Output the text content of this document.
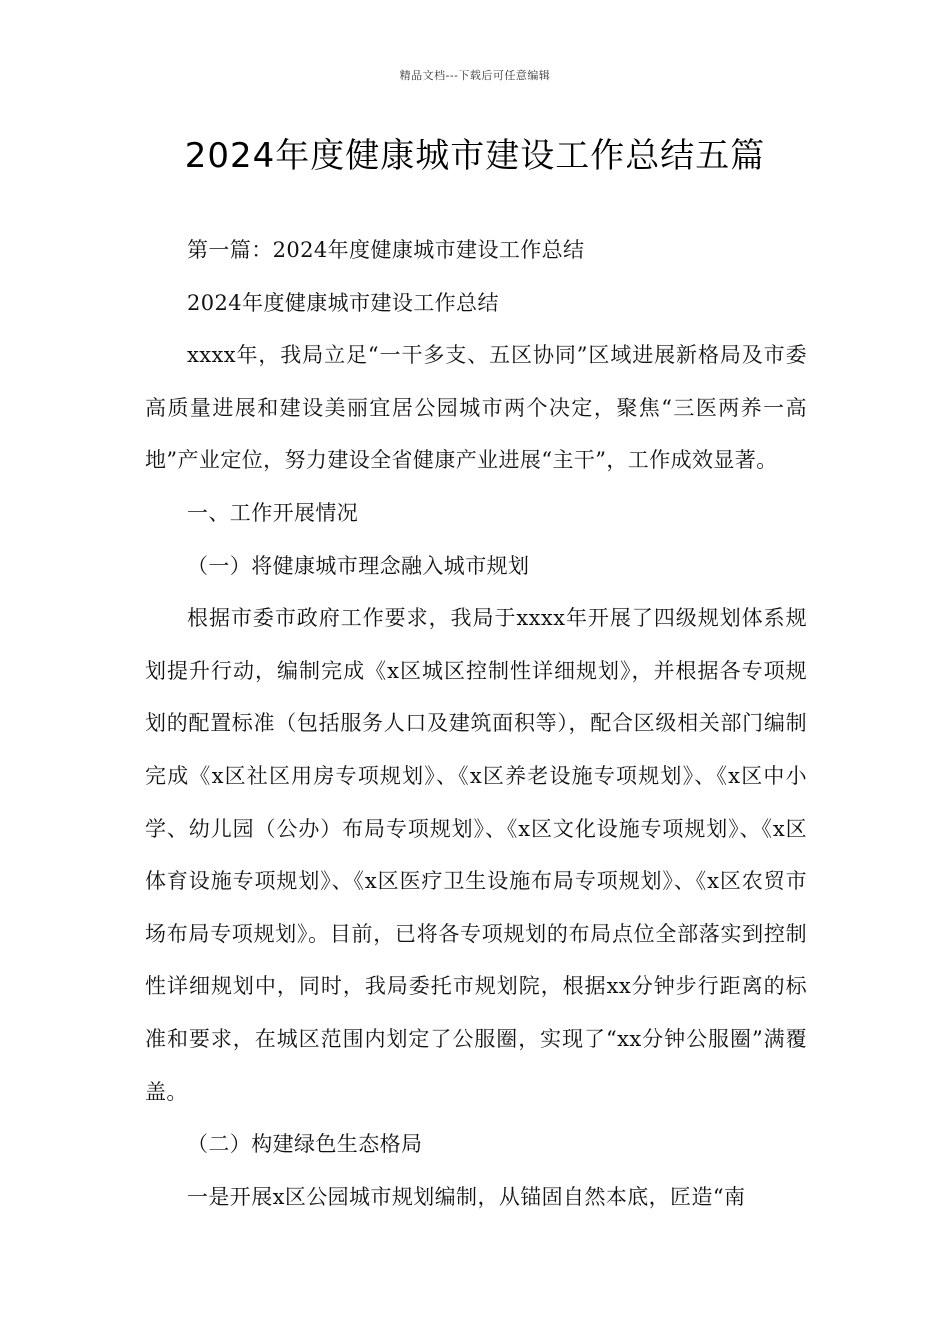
精品文档---下载后可任意编辑
2024年度健康城市建设工作总结五篇

第一篇：2024年度健康城市建设工作总结

2024年度健康城市建设工作总结

xxxx年，我局立足“一干多支、五区协同”区域进展新格局及市委高质量进展和建设美丽宜居公园城市两个决定，聚焦“三医两养一高地”产业定位，努力建设全省健康产业进展“主干”，工作成效显著。

一、工作开展情况

（一）将健康城市理念融入城市规划

根据市委市政府工作要求，我局于xxxx年开展了四级规划体系规划提升行动，编制完成《x区城区控制性详细规划》，并根据各专项规划的配置标准（包括服务人口及建筑面积等），配合区级相关部门编制完成《x区社区用房专项规划》、《x区养老设施专项规划》、《x区中小学、幼儿园（公办）布局专项规划》、《x区文化设施专项规划》、《x区体育设施专项规划》、《x区医疗卫生设施布局专项规划》、《x区农贸市场布局专项规划》。目前，已将各专项规划的布局点位全部落实到控制性详细规划中，同时，我局委托市规划院，根据xx分钟步行距离的标准和要求，在城区范围内划定了公服圈，实现了“xx分钟公服圈”满覆盖。

（二）构建绿色生态格局

一是开展x区公园城市规划编制，从锚固自然本底，匠造“南
